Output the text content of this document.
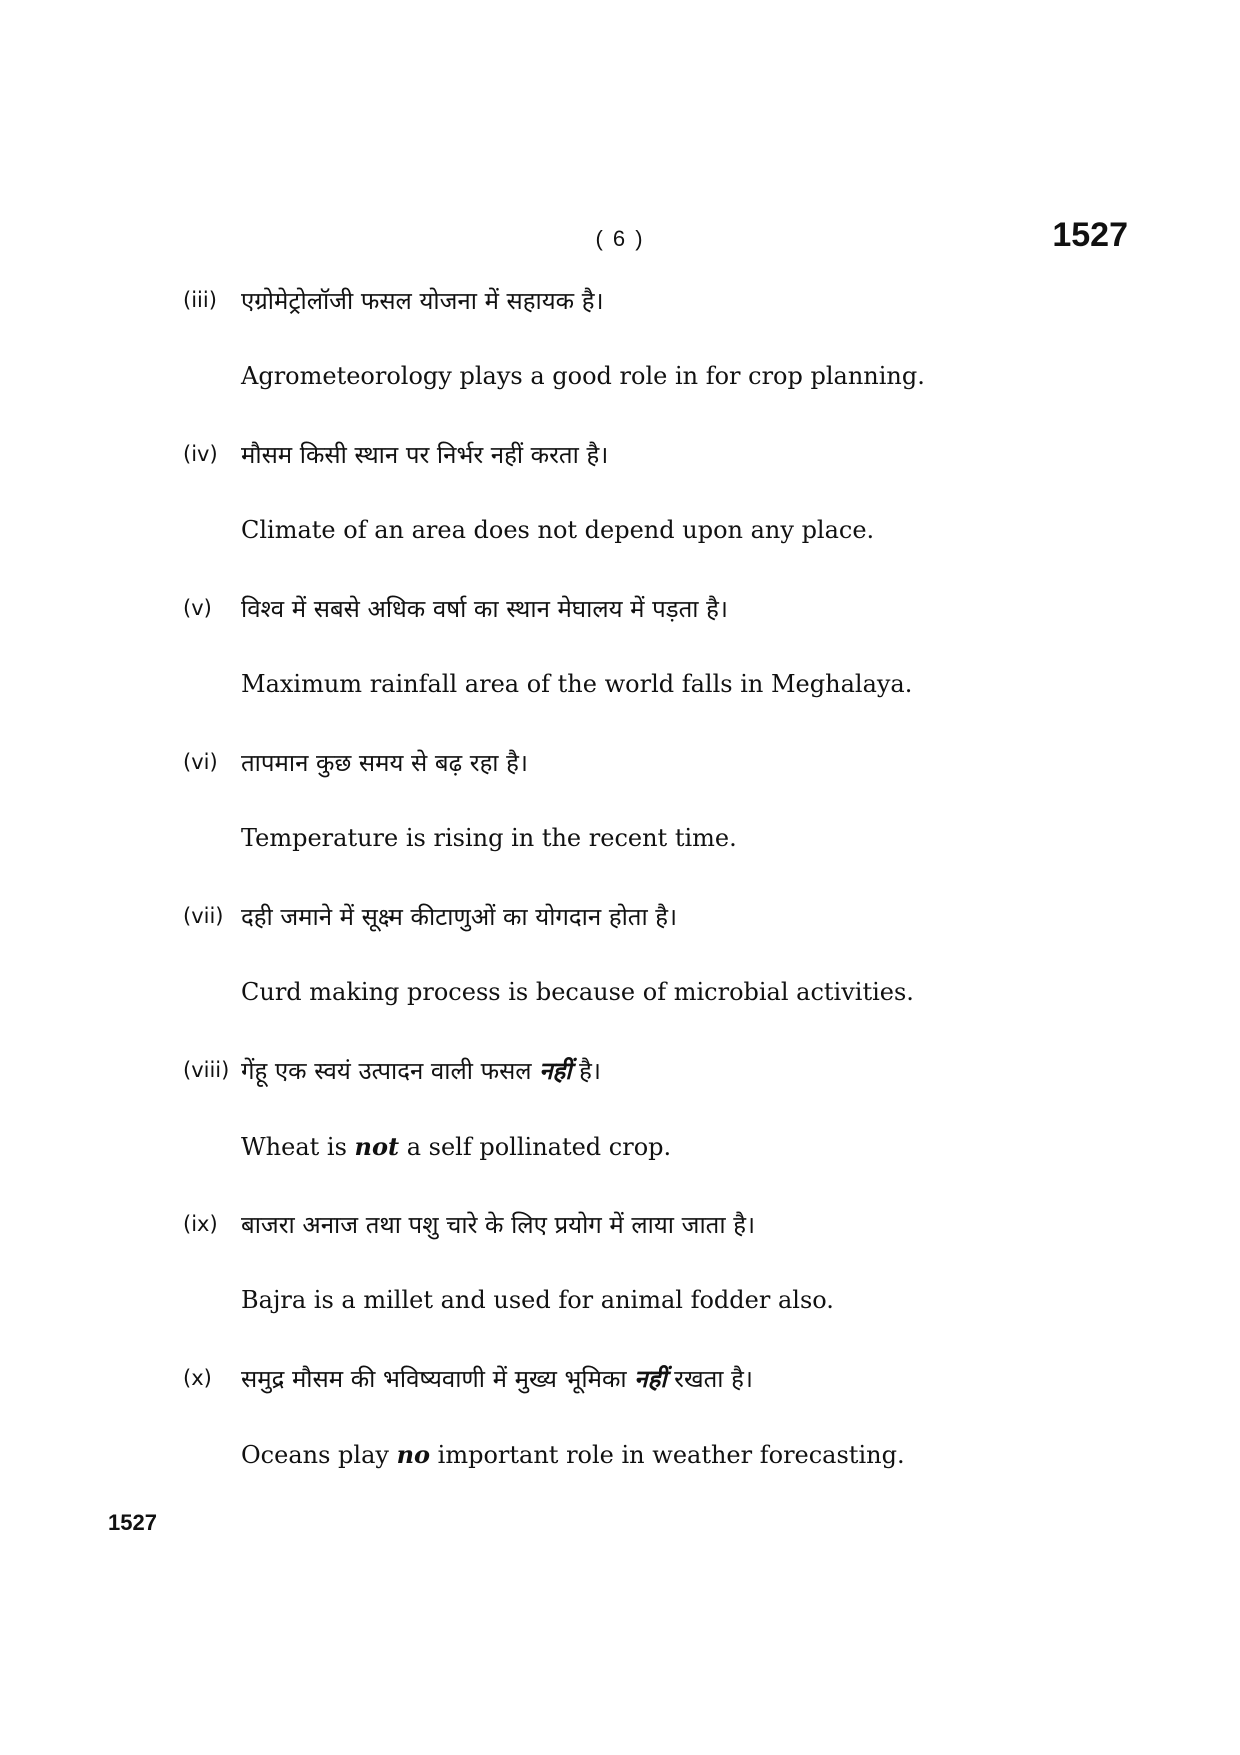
( 6 )	1527
(iii) एग्रोमेट्रोलॉजी फसल योजना में सहायक है।
Agrometeorology plays a good role in for crop planning.
(iv) मौसम किसी स्थान पर निर्भर नहीं करता है।
Climate of an area does not depend upon any place.
(v) विश्व में सबसे अधिक वर्षा का स्थान मेघालय में पड़ता है।
Maximum rainfall area of the world falls in Meghalaya.
(vi) तापमान कुछ समय से बढ़ रहा है।
Temperature is rising in the recent time.
(vii) दही जमाने में सूक्ष्म कीटाणुओं का योगदान होता है।
Curd making process is because of microbial activities.
(viii) गेंहू एक स्वयं उत्पादन वाली फसल नहीं है।
Wheat is not a self pollinated crop.
(ix) बाजरा अनाज तथा पशु चारे के लिए प्रयोग में लाया जाता है।
Bajra is a millet and used for animal fodder also.
(x) समुद्र मौसम की भविष्यवाणी में मुख्य भूमिका नहीं रखता है।
Oceans play no important role in weather forecasting.
1527
